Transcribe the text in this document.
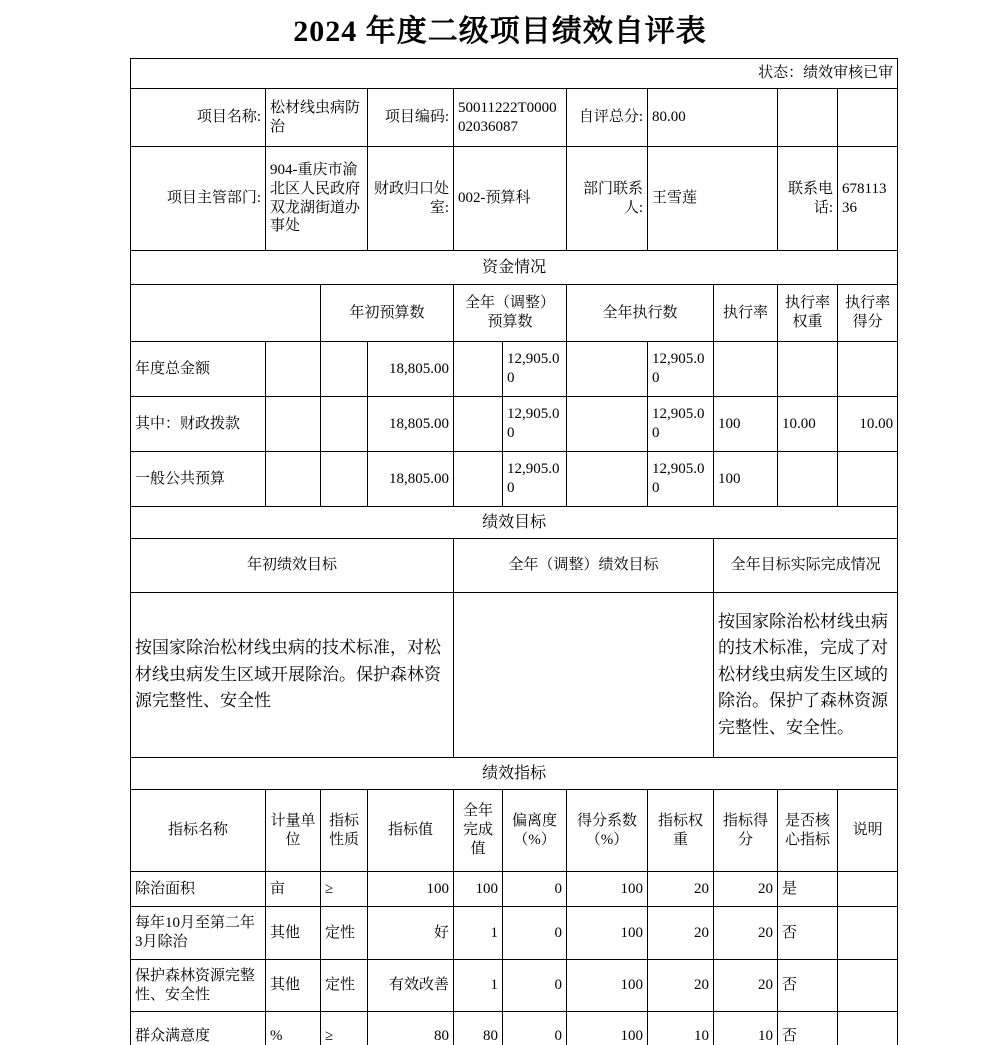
2024 年度二级项目绩效自评表
状态：绩效审核已审										
项目名称:	松材线虫病防治		项目编码:	50011222T000002036087		自评总分:	80.00			
项目主管部门:	904-重庆市渝北区人民政府双龙湖街道办事处		财政归口处室:	002-预算科		部门联系人:	王雪莲		联系电话:	67811336
资金情况										
		年初预算数		全年（调整）预算数		全年执行数		执行率	执行率权重	执行率得分
年度总金额			18,805.00		12,905.00		12,905.00			
其中：财政拨款			18,805.00		12,905.00		12,905.00	100	10.00	10.00
一般公共预算			18,805.00		12,905.00		12,905.00	100		
绩效目标										
年初绩效目标				全年（调整）绩效目标				全年目标实际完成情况		
按国家除治松材线虫病的技术标准，对松材线虫病发生区域开展除治。保护森林资源完整性、安全性								按国家除治松材线虫病的技术标准，完成了对松材线虫病发生区域的除治。保护了森林资源完整性、安全性。		
绩效指标										
指标名称	计量单位	指标性质	指标值	全年完成值	偏离度（%）	得分系数（%）	指标权重	指标得分	是否核心指标	说明
除治面积	亩	≥	100	100	0	100	20	20	是	
每年10月至第二年3月除治	其他	定性	好	1	0	100	20	20	否	
保护森林资源完整性、安全性	其他	定性	有效改善	1	0	100	20	20	否	
群众满意度	%	≥	80	80	0	100	10	10	否	
